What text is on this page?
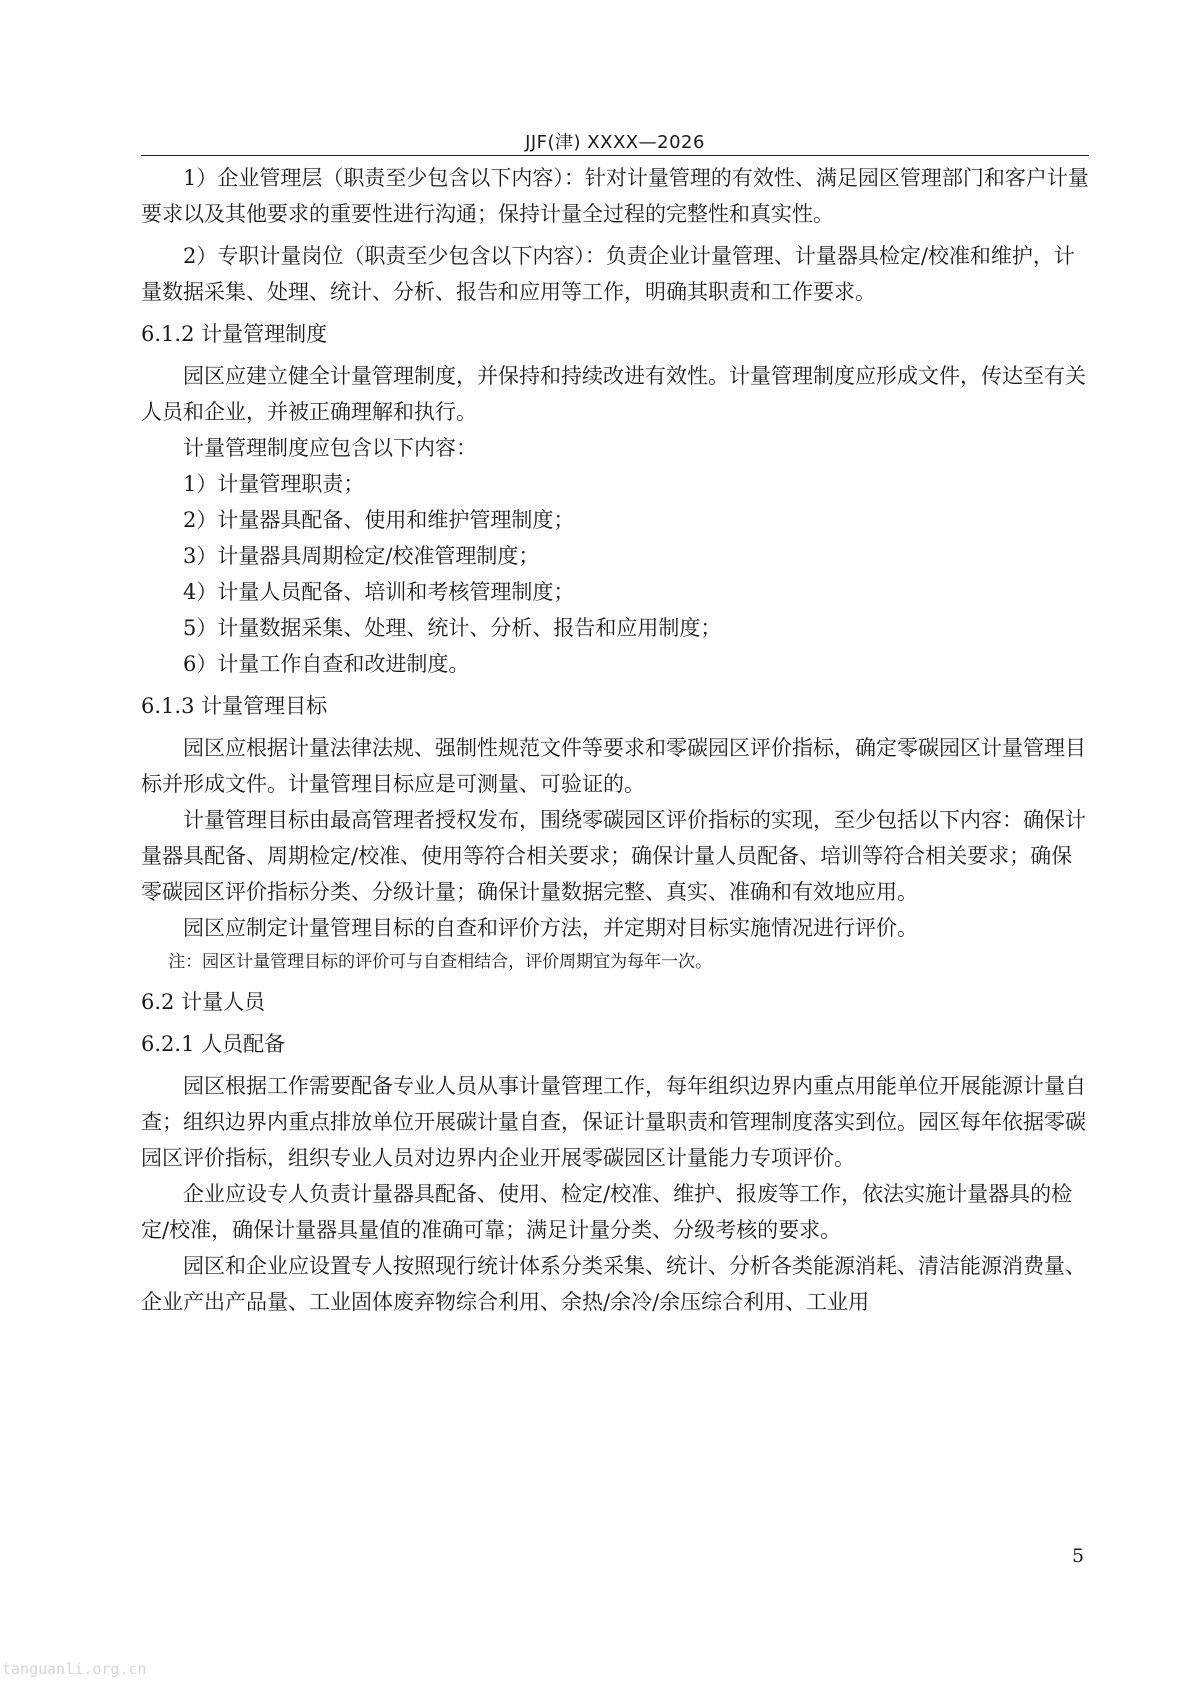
JJF(津) XXXX—2026

1）企业管理层（职责至少包含以下内容）：针对计量管理的有效性、满足园区管理部门和客户计量要求以及其他要求的重要性进行沟通；保持计量全过程的完整性和真实性。

2）专职计量岗位（职责至少包含以下内容）：负责企业计量管理、计量器具检定/校准和维护，计量数据采集、处理、统计、分析、报告和应用等工作，明确其职责和工作要求。

6.1.2 计量管理制度

园区应建立健全计量管理制度，并保持和持续改进有效性。计量管理制度应形成文件，传达至有关人员和企业，并被正确理解和执行。

计量管理制度应包含以下内容：

1）计量管理职责；

2）计量器具配备、使用和维护管理制度；

3）计量器具周期检定/校准管理制度；

4）计量人员配备、培训和考核管理制度；

5）计量数据采集、处理、统计、分析、报告和应用制度；

6）计量工作自查和改进制度。

6.1.3 计量管理目标

园区应根据计量法律法规、强制性规范文件等要求和零碳园区评价指标，确定零碳园区计量管理目标并形成文件。计量管理目标应是可测量、可验证的。

计量管理目标由最高管理者授权发布，围绕零碳园区评价指标的实现，至少包括以下内容：确保计量器具配备、周期检定/校准、使用等符合相关要求；确保计量人员配备、培训等符合相关要求；确保零碳园区评价指标分类、分级计量；确保计量数据完整、真实、准确和有效地应用。

园区应制定计量管理目标的自查和评价方法，并定期对目标实施情况进行评价。

注：园区计量管理目标的评价可与自查相结合，评价周期宜为每年一次。

6.2 计量人员

6.2.1 人员配备

园区根据工作需要配备专业人员从事计量管理工作，每年组织边界内重点用能单位开展能源计量自查；组织边界内重点排放单位开展碳计量自查，保证计量职责和管理制度落实到位。园区每年依据零碳园区评价指标，组织专业人员对边界内企业开展零碳园区计量能力专项评价。

企业应设专人负责计量器具配备、使用、检定/校准、维护、报废等工作，依法实施计量器具的检定/校准，确保计量器具量值的准确可靠；满足计量分类、分级考核的要求。

园区和企业应设置专人按照现行统计体系分类采集、统计、分析各类能源消耗、清洁能源消费量、企业产出产品量、工业固体废弃物综合利用、余热/余冷/余压综合利用、工业用

5
tanguanli.org.cn
